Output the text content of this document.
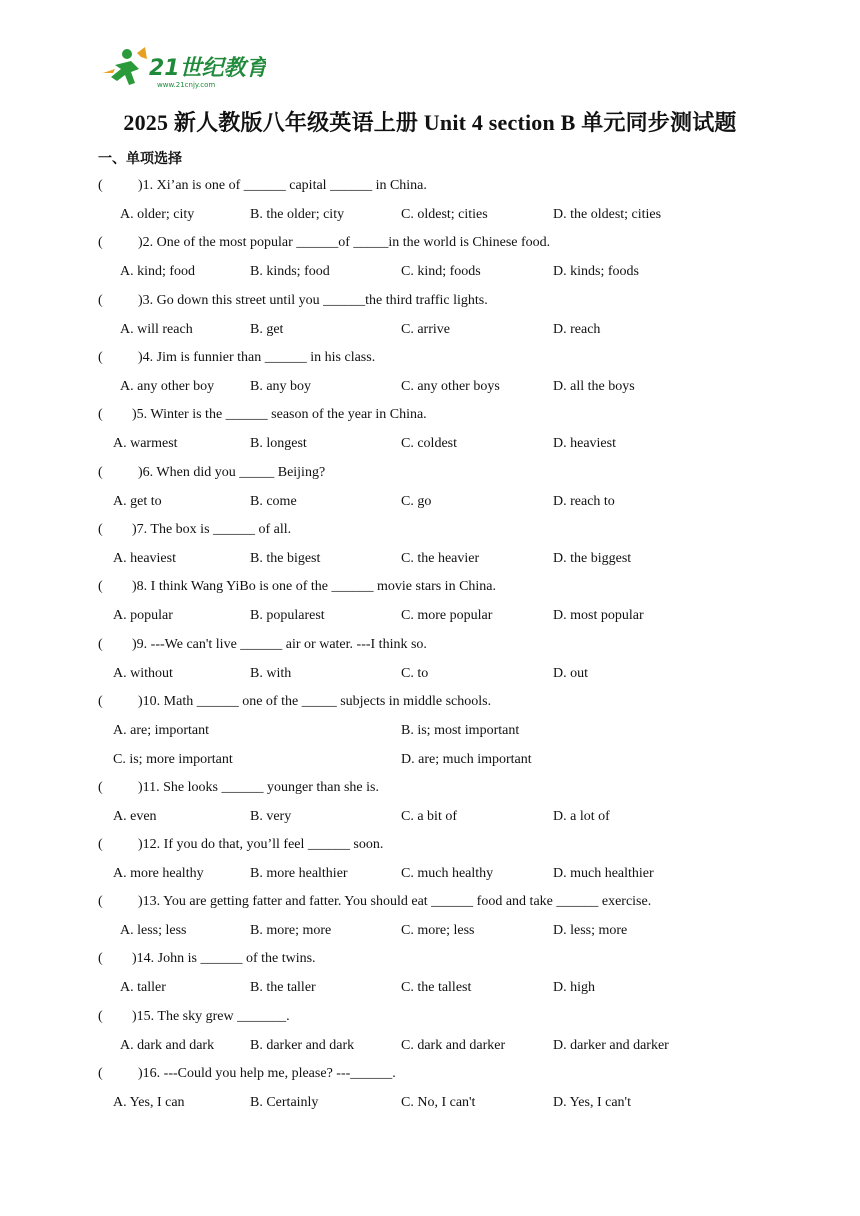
21世纪教育
www.21cnjy.com
2025 新人教版八年级英语上册 Unit 4 section B 单元同步测试题
一、单项选择
(	)1. Xi’an is one of ______ capital ______ in China.
A. older; city	B. the older; city	C. oldest; cities	D. the oldest; cities
(	)2. One of the most popular ______of _____in the world is Chinese food.
A. kind; food	B. kinds; food	C. kind; foods	D. kinds; foods
(	)3. Go down this street until you ______the third traffic lights.
A. will reach	B. get	C. arrive	D. reach
(	)4. Jim is funnier than ______ in his class.
A. any other boy	B. any boy	C. any other boys	D. all the boys
( )5. Winter is the ______ season of the year in China.
A. warmest	B. longest	C. coldest	D. heaviest
(	)6. When did you _____ Beijing?
A. get to	B. come	C. go	D. reach to
( )7. The box is ______ of all.
A. heaviest	B. the bigest	C. the heavier	D. the biggest
( )8. I think Wang YiBo is one of the ______ movie stars in China.
A. popular	B. popularest	C. more popular	D. most popular
( )9. ---We can't live ______ air or water. ---I think so.
A. without	B. with	C. to	D. out
(	)10. Math ______ one of the _____ subjects in middle schools.
A. are; important	B. is; most important
C. is; more important	D. are; much important
(	)11. She looks ______ younger than she is.
A. even	B. very	C. a bit of	D. a lot of
(	)12. If you do that, you’ll feel ______ soon.
A. more healthy	B. more healthier	C. much healthy	D. much healthier
(	)13. You are getting fatter and fatter. You should eat ______ food and take ______ exercise.
A. less; less	B. more; more	C. more; less	D. less; more
( )14. John is ______ of the twins.
A. taller	B. the taller	C. the tallest	D. high
( )15. The sky grew _______.
A. dark and dark	B. darker and dark	C. dark and darker	D. darker and darker
(	)16. ---Could you help me, please? ---______.
A. Yes, I can	B. Certainly	C. No, I can't	D. Yes, I can't
